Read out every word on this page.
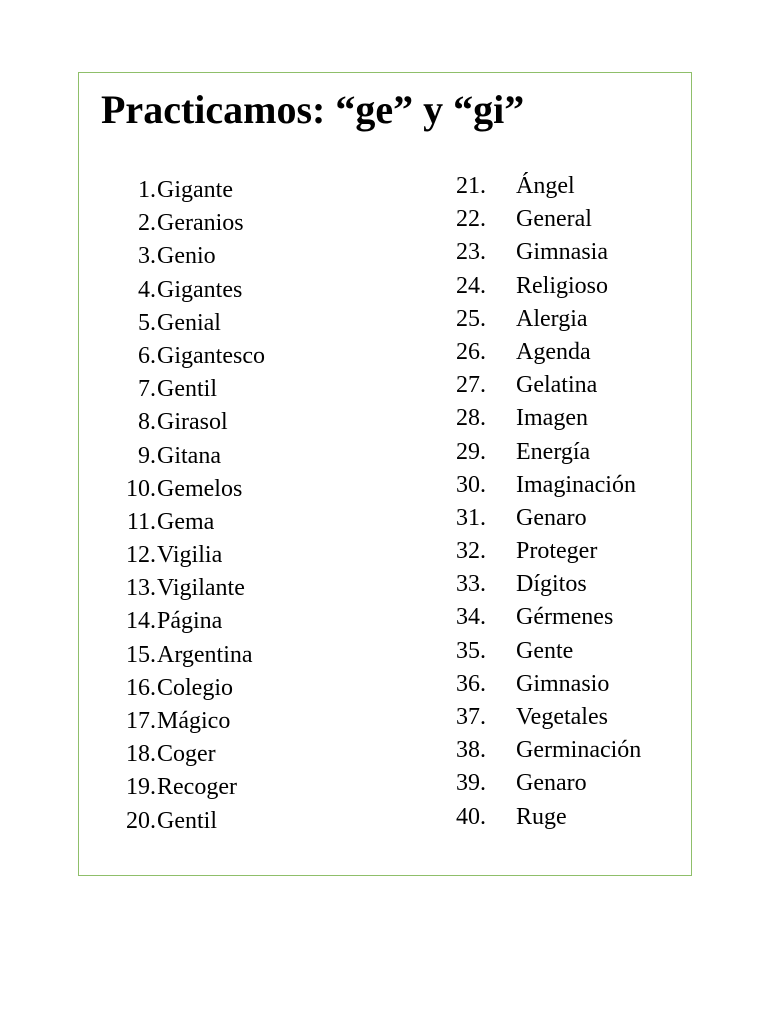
Practicamos: “ge” y “gi”
1. Gigante
2. Geranios
3. Genio
4. Gigantes
5. Genial
6. Gigantesco
7. Gentil
8. Girasol
9. Gitana
10. Gemelos
11. Gema
12. Vigilia
13. Vigilante
14. Página
15. Argentina
16. Colegio
17. Mágico
18. Coger
19. Recoger
20. Gentil
21.	Ángel
22.	General
23.	Gimnasia
24.	Religioso
25.	Alergia
26.	Agenda
27.	Gelatina
28.	Imagen
29.	Energía
30.	Imaginación
31.	Genaro
32.	Proteger
33.	Dígitos
34.	Gérmenes
35.	Gente
36.	Gimnasio
37.	Vegetales
38.	Germinación
39.	Genaro
40.	Ruge
